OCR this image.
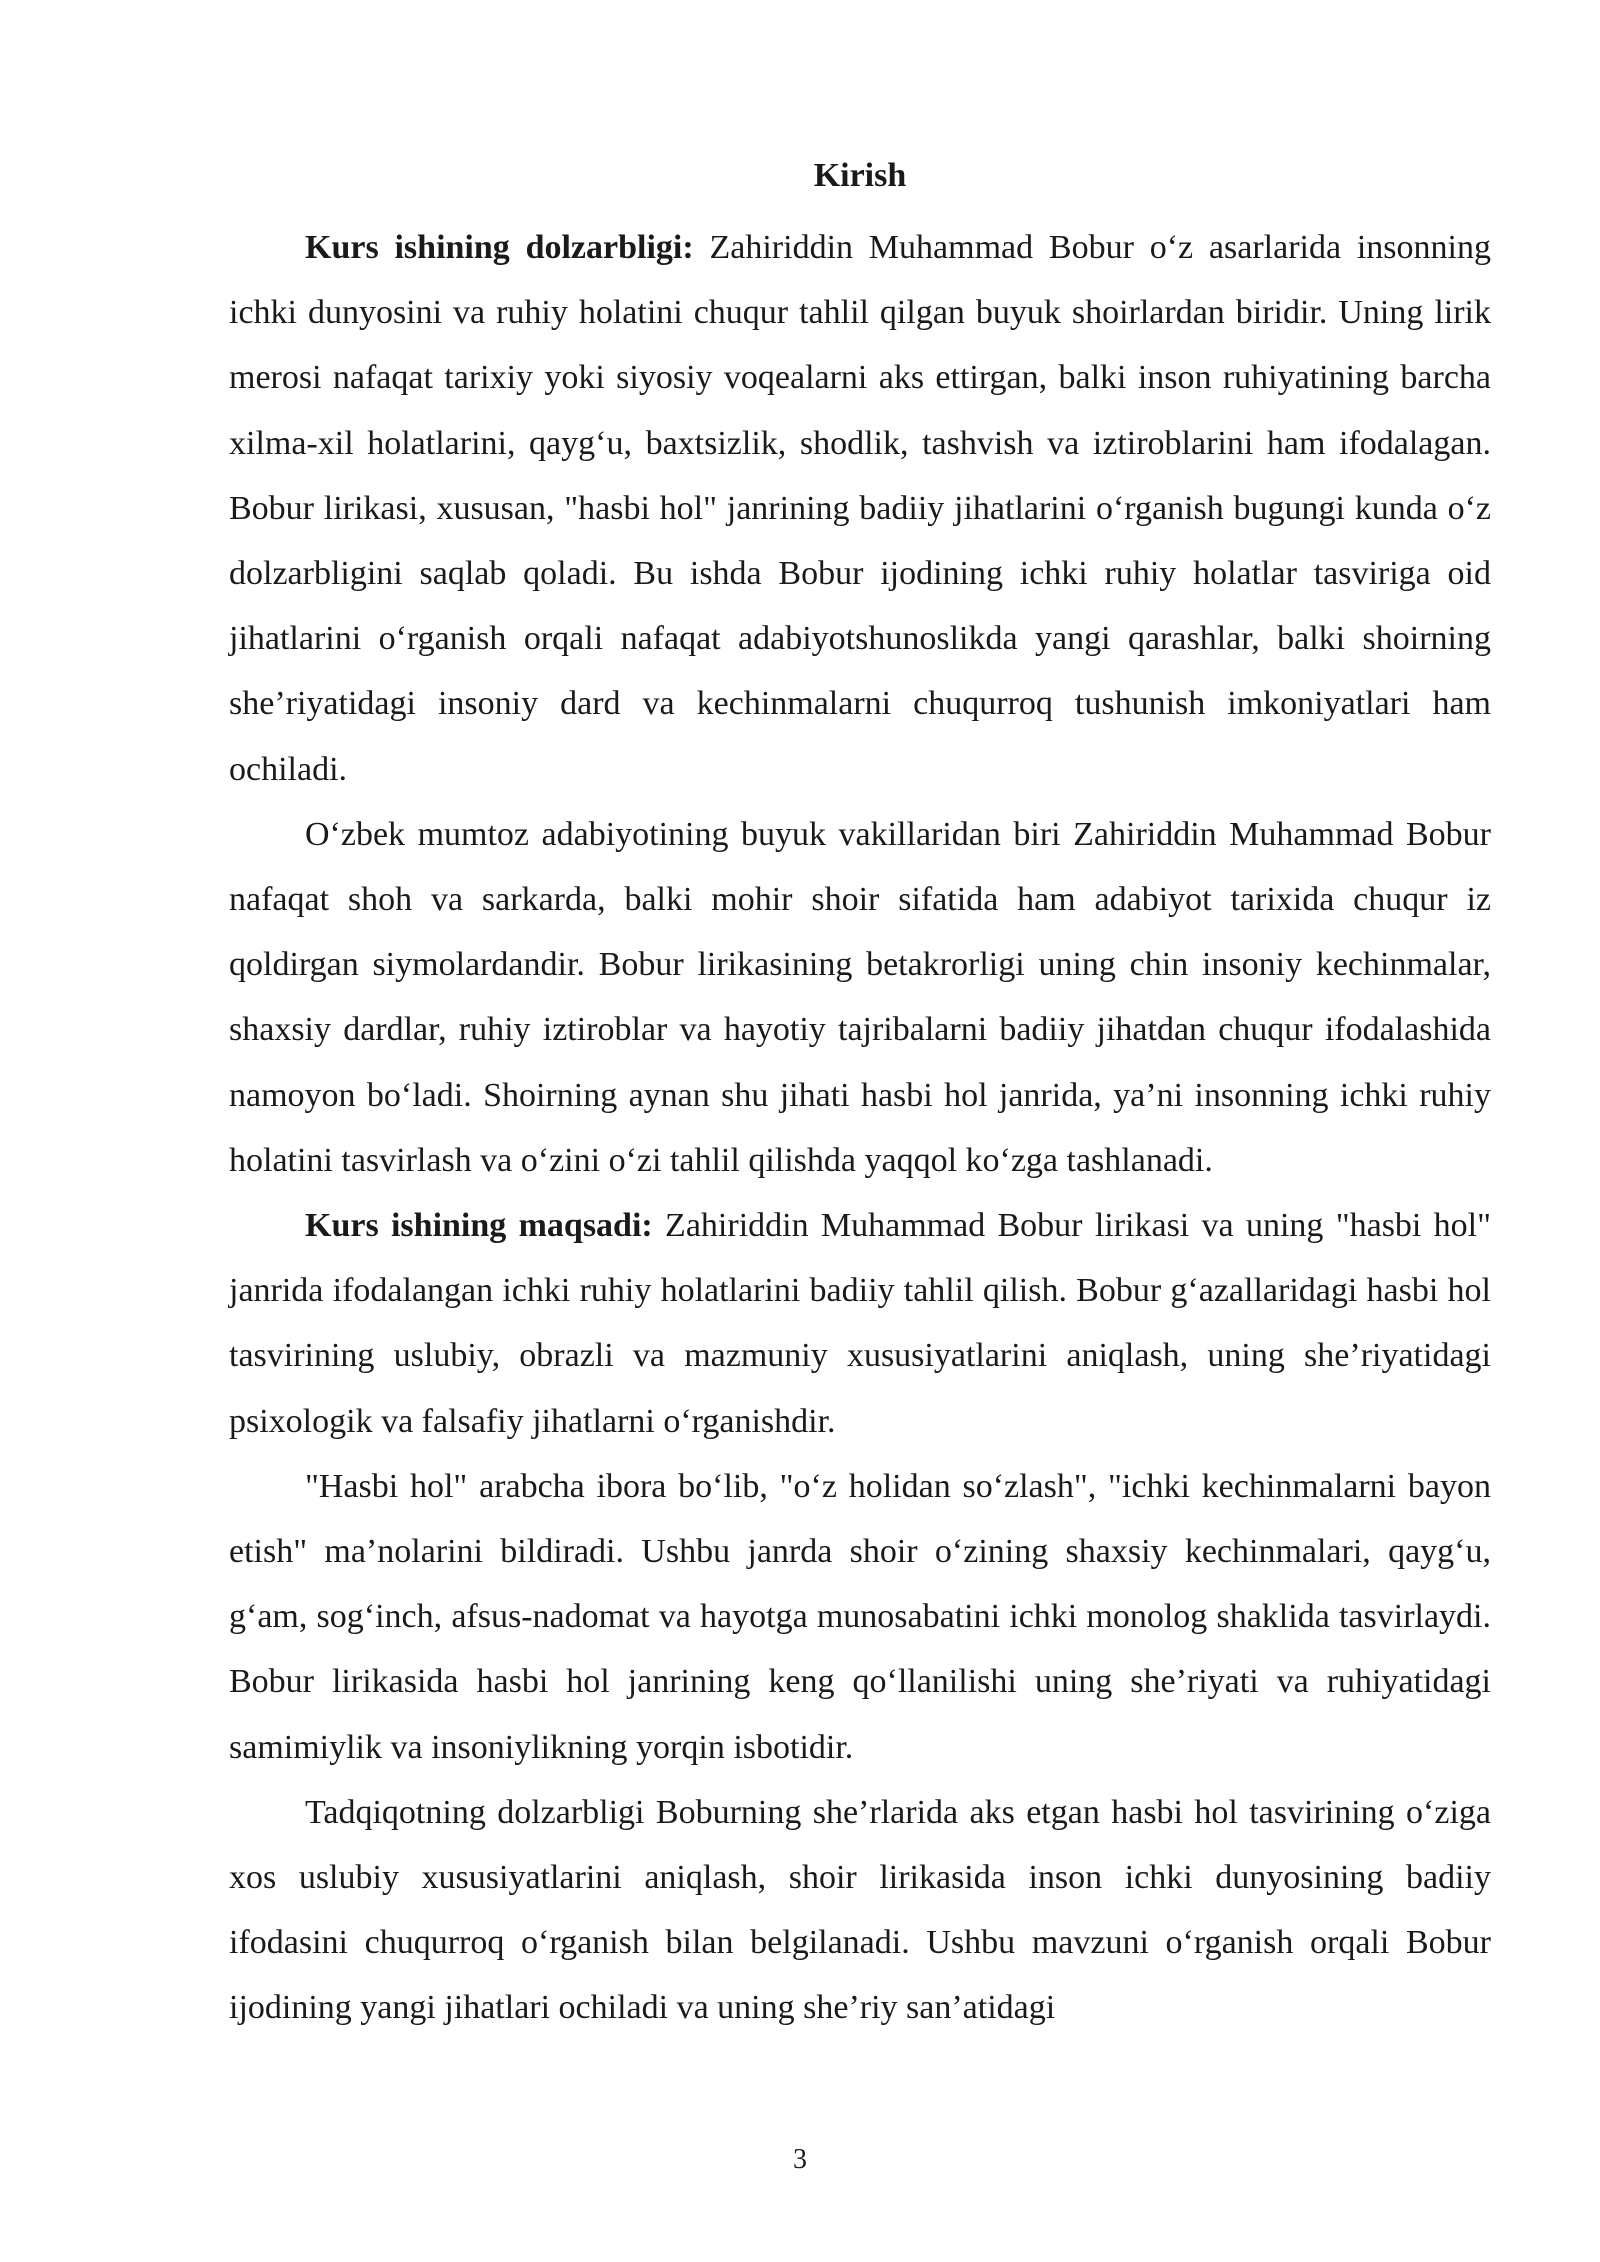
Kirish

Kurs ishining dolzarbligi: Zahiriddin Muhammad Bobur o‘z asarlarida insonning ichki dunyosini va ruhiy holatini chuqur tahlil qilgan buyuk shoirlardan biridir. Uning lirik merosi nafaqat tarixiy yoki siyosiy voqealarni aks ettirgan, balki inson ruhiyatining barcha xilma-xil holatlarini, qayg‘u, baxtsizlik, shodlik, tashvish va iztiroblarini ham ifodalagan. Bobur lirikasi, xususan, "hasbi hol" janrining badiiy jihatlarini o‘rganish bugungi kunda o‘z dolzarbligini saqlab qoladi. Bu ishda Bobur ijodining ichki ruhiy holatlar tasviriga oid jihatlarini o‘rganish orqali nafaqat adabiyotshunoslikda yangi qarashlar, balki shoirning she’riyatidagi insoniy dard va kechinmalarni chuqurroq tushunish imkoniyatlari ham ochiladi.

O‘zbek mumtoz adabiyotining buyuk vakillaridan biri Zahiriddin Muhammad Bobur nafaqat shoh va sarkarda, balki mohir shoir sifatida ham adabiyot tarixida chuqur iz qoldirgan siymolardandir. Bobur lirikasining betakrorligi uning chin insoniy kechinmalar, shaxsiy dardlar, ruhiy iztiroblar va hayotiy tajribalarni badiiy jihatdan chuqur ifodalashida namoyon bo‘ladi. Shoirning aynan shu jihati hasbi hol janrida, ya’ni insonning ichki ruhiy holatini tasvirlash va o‘zini o‘zi tahlil qilishda yaqqol ko‘zga tashlanadi.

Kurs ishining maqsadi: Zahiriddin Muhammad Bobur lirikasi va uning "hasbi hol" janrida ifodalangan ichki ruhiy holatlarini badiiy tahlil qilish. Bobur g‘azallaridagi hasbi hol tasvirining uslubiy, obrazli va mazmuniy xususiyatlarini aniqlash, uning she’riyatidagi psixologik va falsafiy jihatlarni o‘rganishdir.

"Hasbi hol" arabcha ibora bo‘lib, "o‘z holidan so‘zlash", "ichki kechinmalarni bayon etish" ma’nolarini bildiradi. Ushbu janrda shoir o‘zining shaxsiy kechinmalari, qayg‘u, g‘am, sog‘inch, afsus-nadomat va hayotga munosabatini ichki monolog shaklida tasvirlaydi. Bobur lirikasida hasbi hol janrining keng qo‘llanilishi uning she’riyati va ruhiyatidagi samimiylik va insoniylikning yorqin isbotidir.

Tadqiqotning dolzarbligi Boburning she’rlarida aks etgan hasbi hol tasvirining o‘ziga xos uslubiy xususiyatlarini aniqlash, shoir lirikasida inson ichki dunyosining badiiy ifodasini chuqurroq o‘rganish bilan belgilanadi. Ushbu mavzuni o‘rganish orqali Bobur ijodining yangi jihatlari ochiladi va uning she’riy san’atidagi

3
